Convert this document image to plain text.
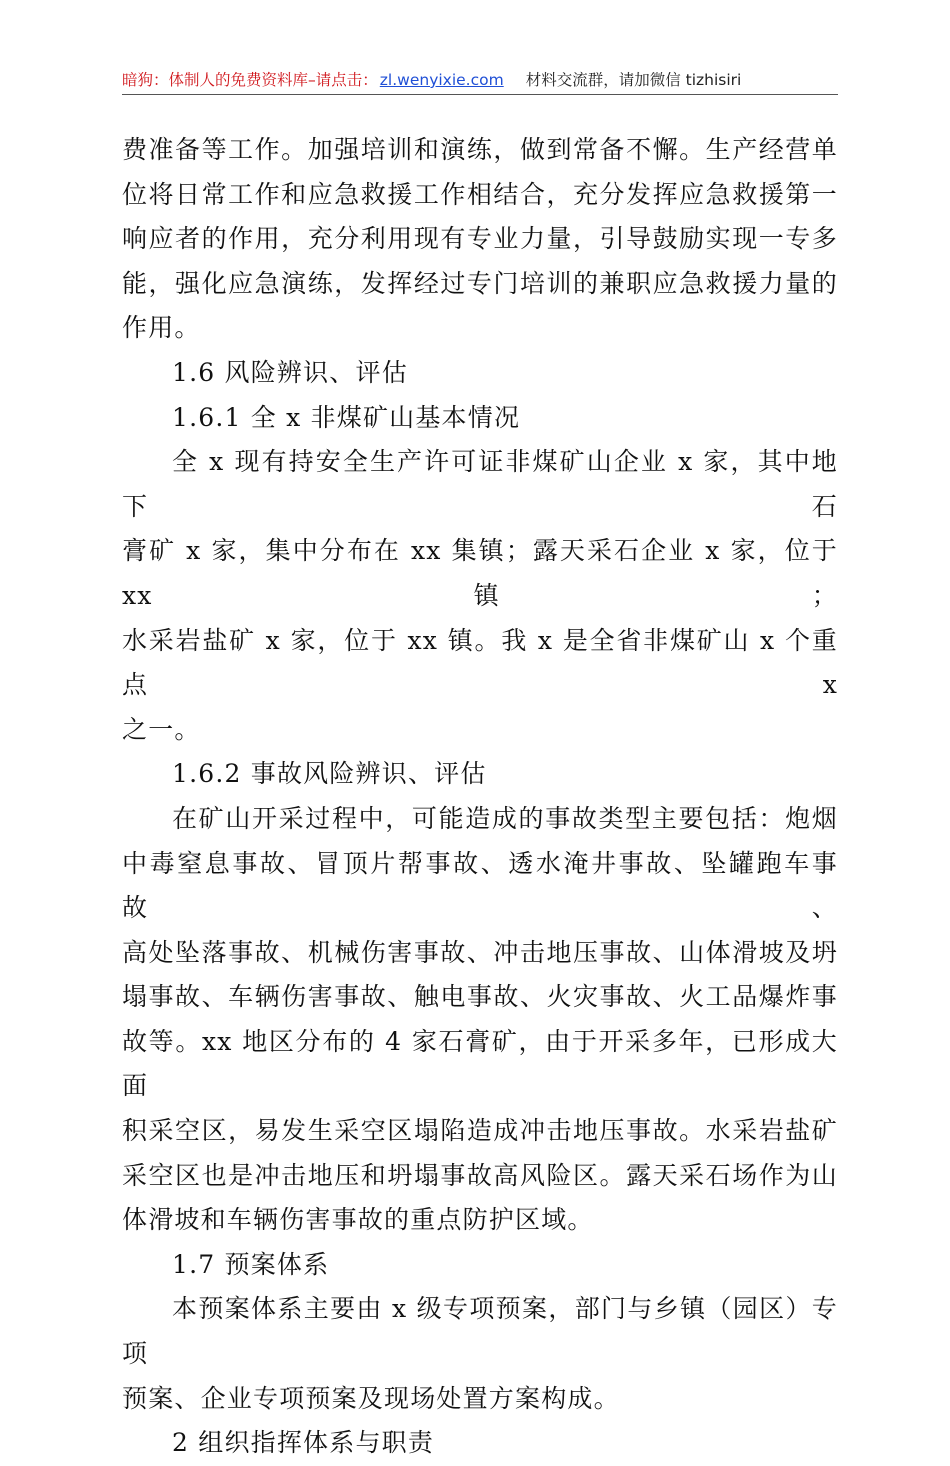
暗狗：体制人的免费资料库–请点击： zl.wenyixie.com 材料交流群，请加微信 tizhisiri

费准备等工作。加强培训和演练，做到常备不懈。生产经营单

位将日常工作和应急救援工作相结合，充分发挥应急救援第一

响应者的作用，充分利用现有专业力量，引导鼓励实现一专多

能，强化应急演练，发挥经过专门培训的兼职应急救援力量的

作用。

1.6 风险辨识、评估

1.6.1 全 x 非煤矿山基本情况

全 x 现有持安全生产许可证非煤矿山企业 x 家，其中地下石

膏矿 x 家，集中分布在 xx 集镇；露天采石企业 x 家，位于 xx 镇；

水采岩盐矿 x 家，位于 xx 镇。我 x 是全省非煤矿山 x 个重点 x

之一。

1.6.2 事故风险辨识、评估

在矿山开采过程中，可能造成的事故类型主要包括：炮烟

中毒窒息事故、冒顶片帮事故、透水淹井事故、坠罐跑车事故、

高处坠落事故、机械伤害事故、冲击地压事故、山体滑坡及坍

塌事故、车辆伤害事故、触电事故、火灾事故、火工品爆炸事

故等。xx 地区分布的 4 家石膏矿，由于开采多年，已形成大面

积采空区，易发生采空区塌陷造成冲击地压事故。水采岩盐矿

采空区也是冲击地压和坍塌事故高风险区。露天采石场作为山

体滑坡和车辆伤害事故的重点防护区域。

1.7 预案体系

本预案体系主要由 x 级专项预案，部门与乡镇（园区）专项

预案、企业专项预案及现场处置方案构成。

2 组织指挥体系与职责
